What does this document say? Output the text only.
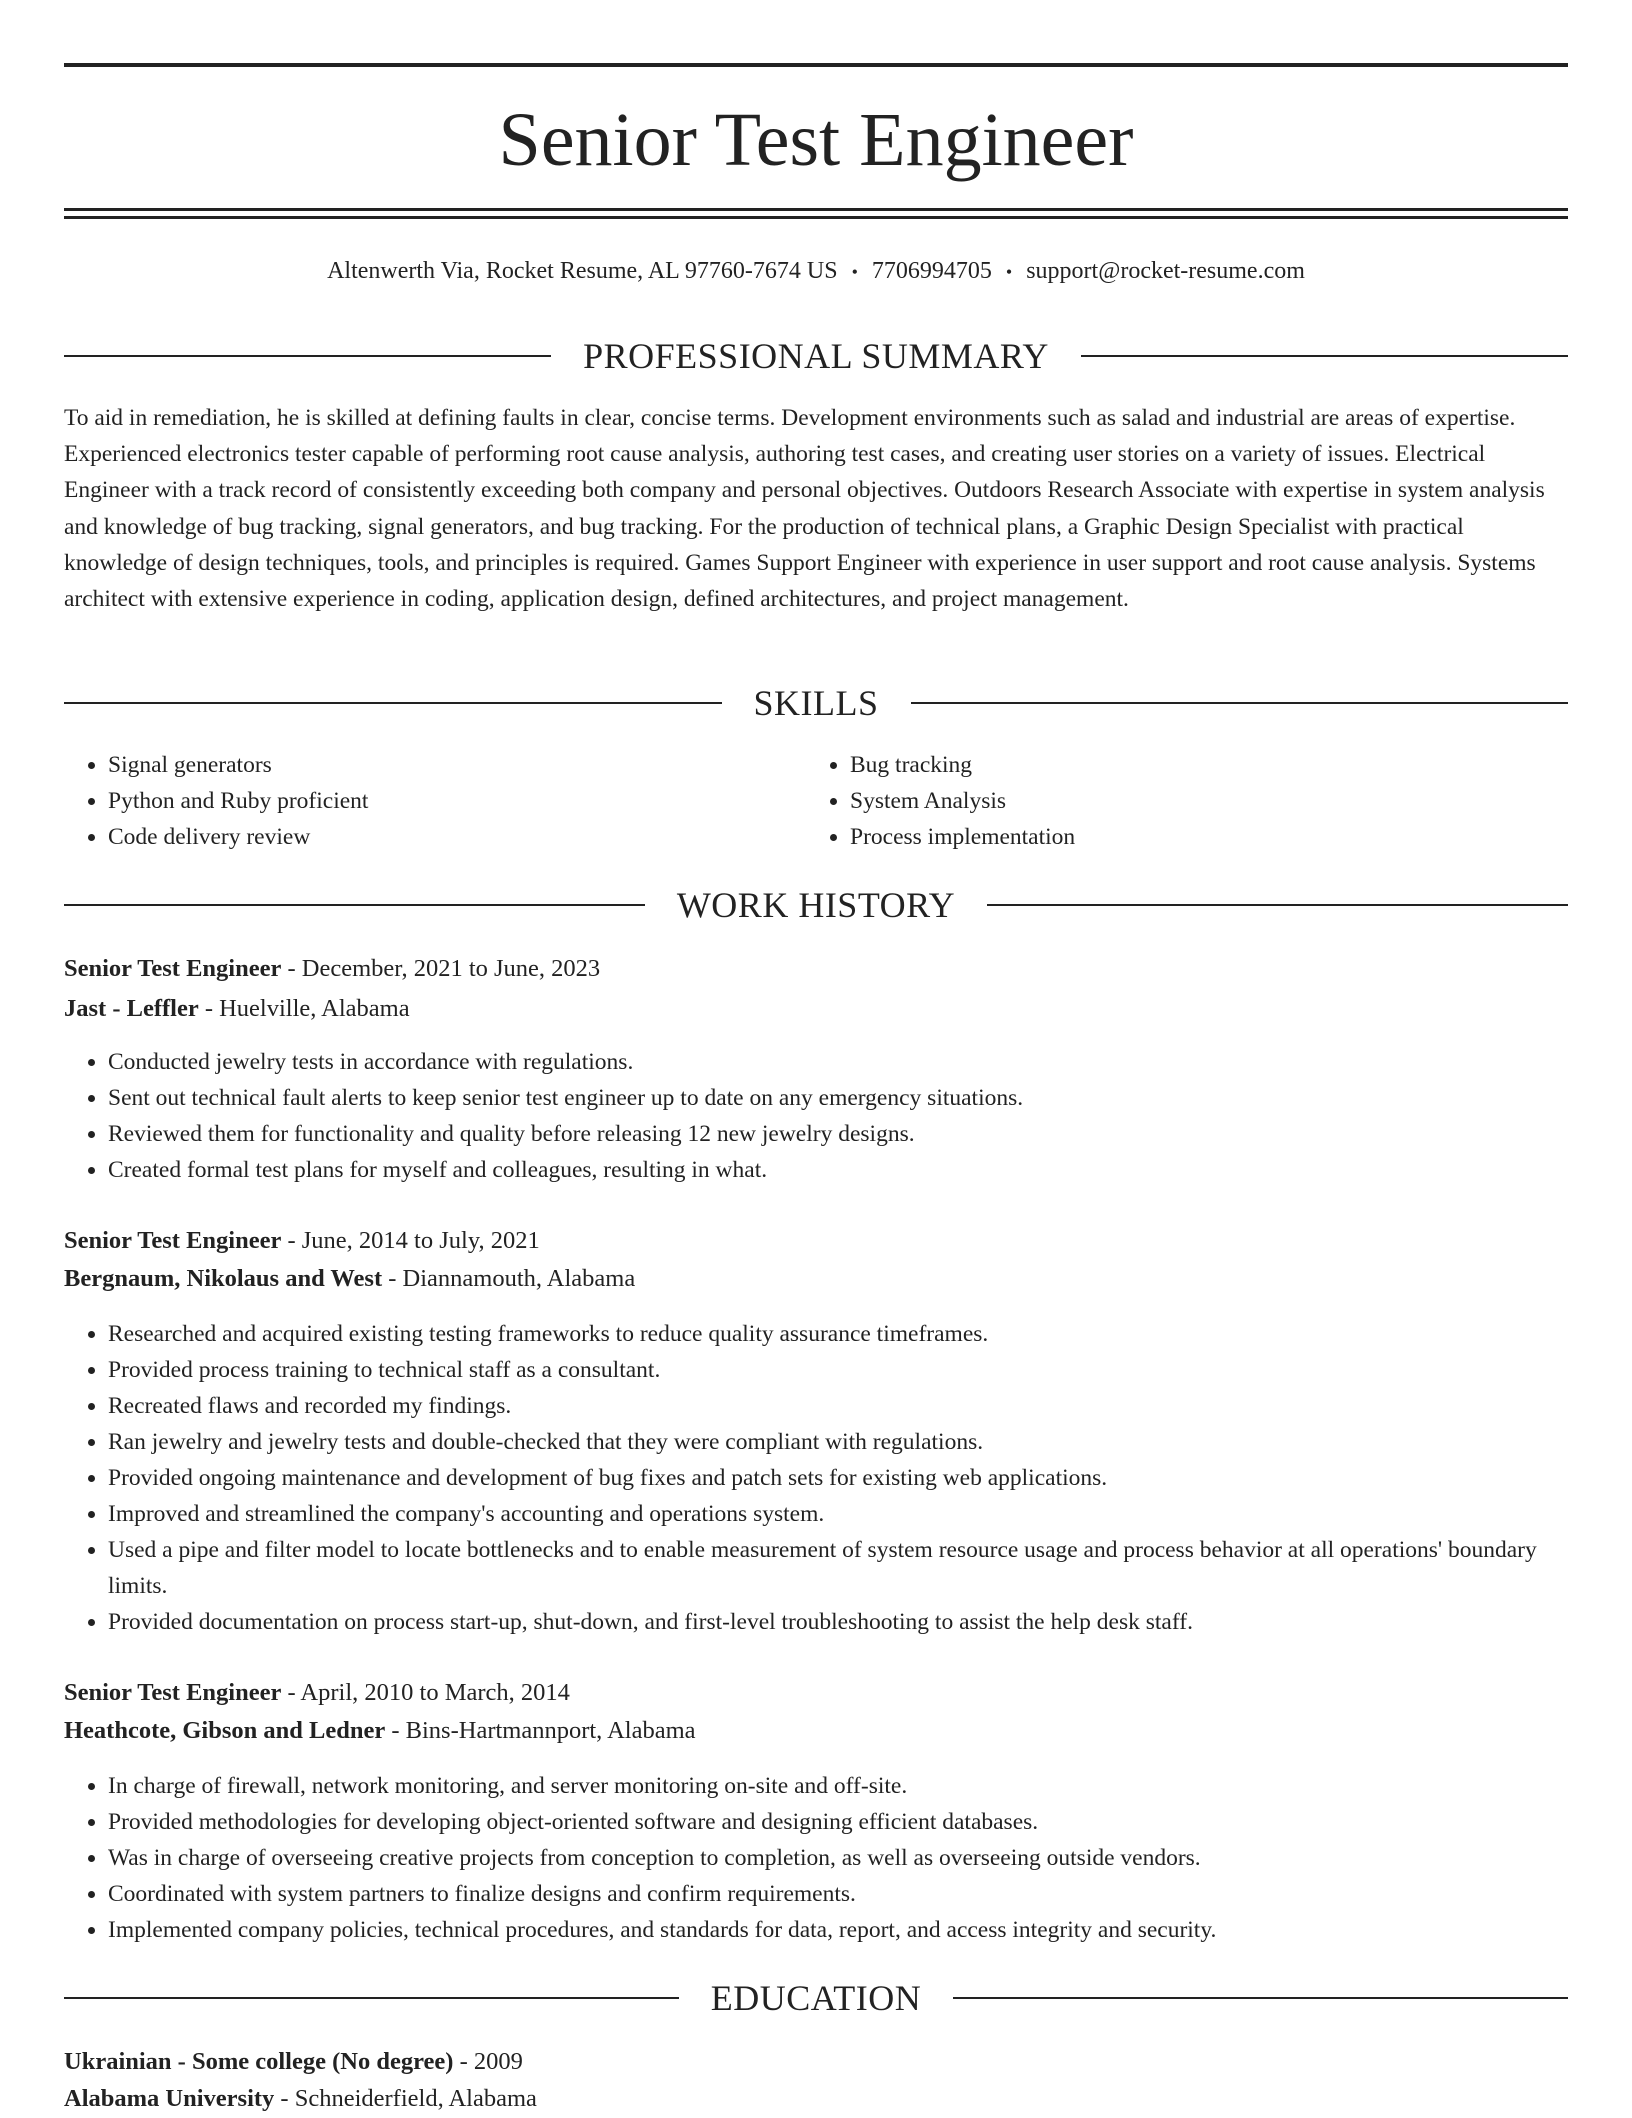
Senior Test Engineer
Altenwerth Via, Rocket Resume, AL 97760-7674 US • 7706994705 • support@rocket-resume.com
PROFESSIONAL SUMMARY

To aid in remediation, he is skilled at defining faults in clear, concise terms. Development environments such as salad and industrial are areas of expertise. Experienced electronics tester capable of performing root cause analysis, authoring test cases, and creating user stories on a variety of issues. Electrical Engineer with a track record of consistently exceeding both company and personal objectives. Outdoors Research Associate with expertise in system analysis and knowledge of bug tracking, signal generators, and bug tracking. For the production of technical plans, a Graphic Design Specialist with practical knowledge of design techniques, tools, and principles is required. Games Support Engineer with experience in user support and root cause analysis. Systems architect with extensive experience in coding, application design, defined architectures, and project management.

SKILLS
• Signal generators
• Python and Ruby proficient
• Code delivery review
• Bug tracking
• System Analysis
• Process implementation
WORK HISTORY
Senior Test Engineer - December, 2021 to June, 2023
Jast - Leffler - Huelville, Alabama
• Conducted jewelry tests in accordance with regulations.
• Sent out technical fault alerts to keep senior test engineer up to date on any emergency situations.
• Reviewed them for functionality and quality before releasing 12 new jewelry designs.
• Created formal test plans for myself and colleagues, resulting in what.
Senior Test Engineer - June, 2014 to July, 2021
Bergnaum, Nikolaus and West - Diannamouth, Alabama
• Researched and acquired existing testing frameworks to reduce quality assurance timeframes.
• Provided process training to technical staff as a consultant.
• Recreated flaws and recorded my findings.
• Ran jewelry and jewelry tests and double-checked that they were compliant with regulations.
• Provided ongoing maintenance and development of bug fixes and patch sets for existing web applications.
• Improved and streamlined the company's accounting and operations system.
• Used a pipe and filter model to locate bottlenecks and to enable measurement of system resource usage and process behavior at all operations' boundary limits.
• Provided documentation on process start-up, shut-down, and first-level troubleshooting to assist the help desk staff.
Senior Test Engineer - April, 2010 to March, 2014
Heathcote, Gibson and Ledner - Bins-Hartmannport, Alabama
• In charge of firewall, network monitoring, and server monitoring on-site and off-site.
• Provided methodologies for developing object-oriented software and designing efficient databases.
• Was in charge of overseeing creative projects from conception to completion, as well as overseeing outside vendors.
• Coordinated with system partners to finalize designs and confirm requirements.
• Implemented company policies, technical procedures, and standards for data, report, and access integrity and security.
EDUCATION
Ukrainian - Some college (No degree) - 2009
Alabama University - Schneiderfield, Alabama
